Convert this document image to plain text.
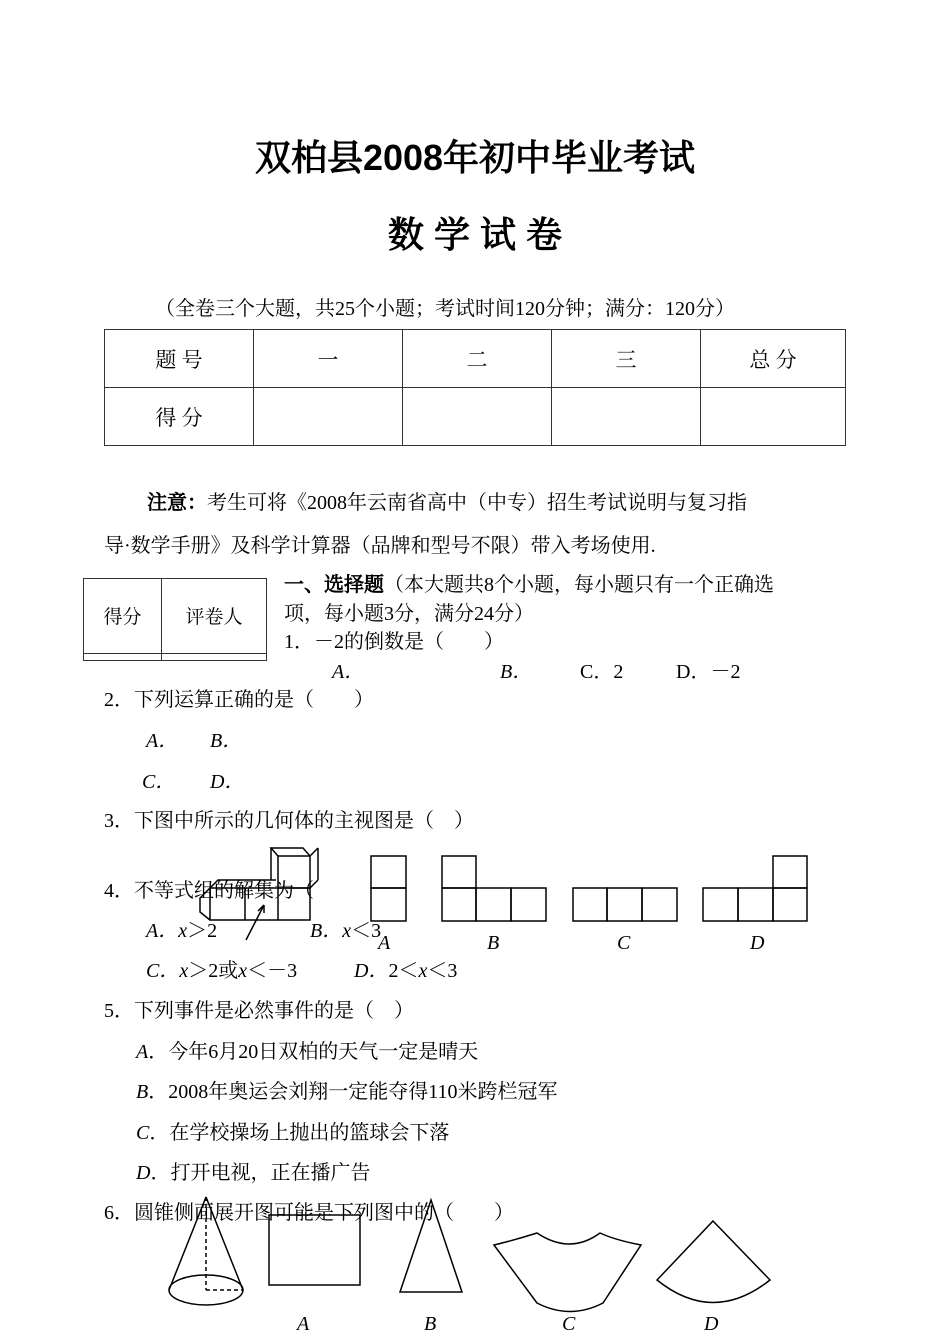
双柏县2008年初中毕业考试
数 学 试 卷
（全卷三个大题，共25个小题；考试时间120分钟；满分：120分）
题 号	一	二	三	总 分
得 分				
注意：考生可将《2008年云南省高中（中专）招生考试说明与复习指
导·数学手册》及科学计算器（品牌和型号不限）带入考场使用.
得分	评卷人

一、选择题（本大题共8个小题，每小题只有一个正确选
项，每小题3分，满分24分）
1．－2的倒数是（　　）
A．	B． C．2	D．－2
2．下列运算正确的是（　　）
A． B．
C． D．
3．下图中所示的几何体的主视图是（　）
4．不等式组的解集为（
A．x＞2	B．x＜3
C．x＞2或x＜－3	D．2＜x＜3
A	B	C	D
5．下列事件是必然事件的是（　）
A．今年6月20日双柏的天气一定是晴天
B．2008年奥运会刘翔一定能夺得110米跨栏冠军
C．在学校操场上抛出的篮球会下落
D．打开电视，正在播广告
6．圆锥侧面展开图可能是下列图中的（　　）
A	B	C	D
